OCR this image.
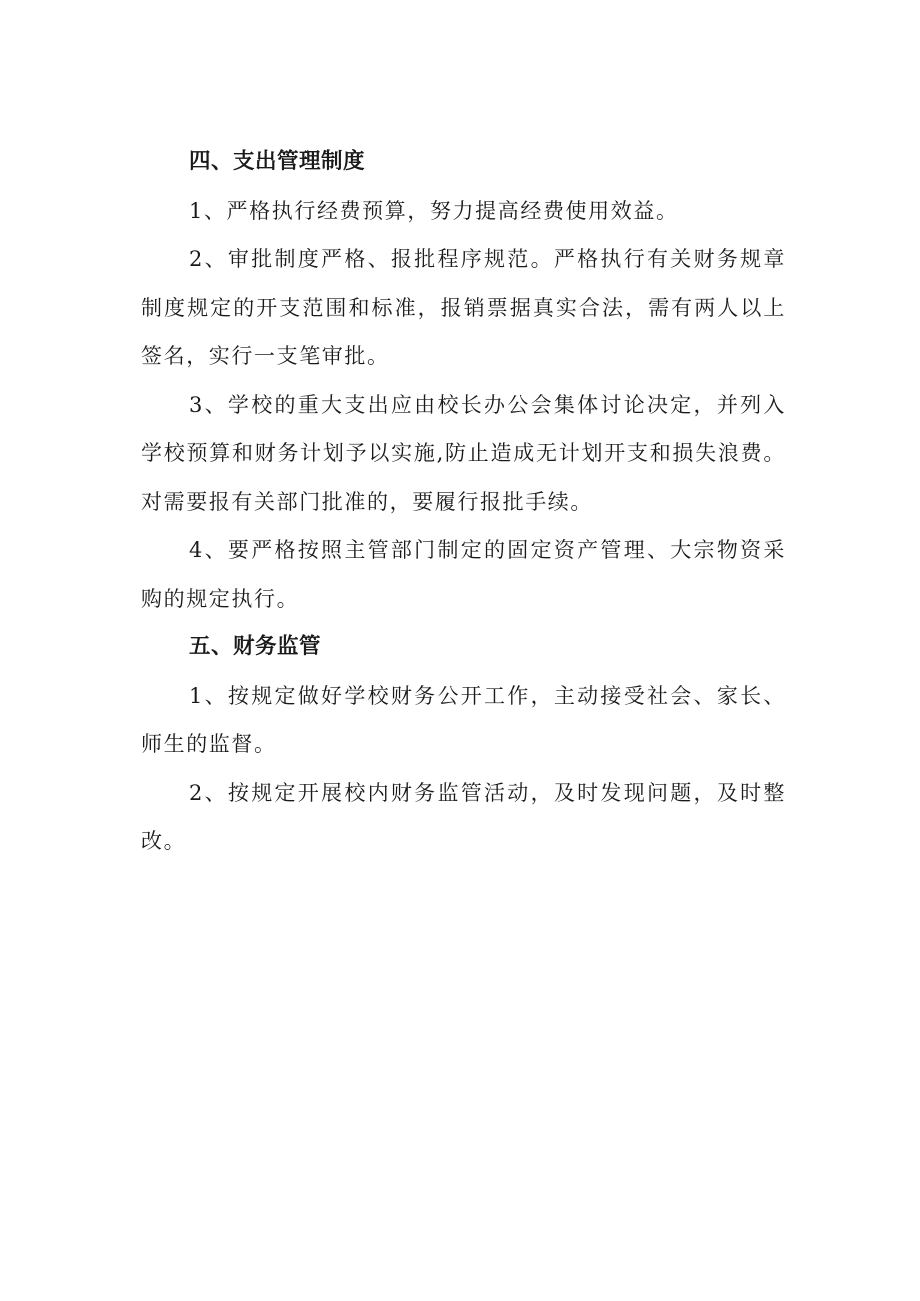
四、支出管理制度

1、严格执行经费预算，努力提高经费使用效益。

2、审批制度严格、报批程序规范。严格执行有关财务规章制度规定的开支范围和标准，报销票据真实合法，需有两人以上签名，实行一支笔审批。

3、学校的重大支出应由校长办公会集体讨论决定，并列入学校预算和财务计划予以实施,防止造成无计划开支和损失浪费。对需要报有关部门批准的，要履行报批手续。

4、要严格按照主管部门制定的固定资产管理、大宗物资采购的规定执行。

五、财务监管

1、按规定做好学校财务公开工作，主动接受社会、家长、师生的监督。

2、按规定开展校内财务监管活动，及时发现问题，及时整改。
